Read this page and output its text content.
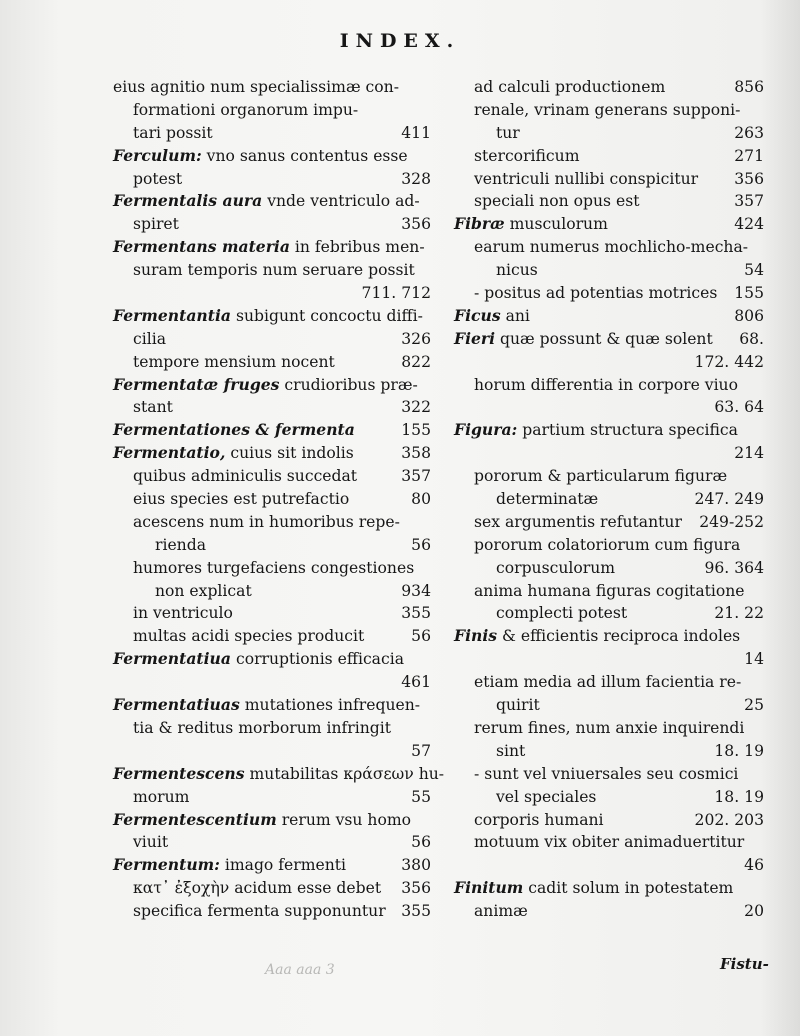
INDEX.
eius agnitio num specialissimæ con-
formationi organorum impu-
tari possit	411
Ferculum: vno sanus contentus esse
potest	328
Fermentalis aura vnde ventriculo ad-
spiret	356
Fermentans materia in febribus men-
suram temporis num seruare possit
711. 712
Fermentantia subigunt concoctu diffi-
cilia	326
tempore mensium nocent	822
Fermentatæ fruges crudioribus præ-
stant	322
Fermentationes & fermenta	155
Fermentatio, cuius sit indolis	358
quibus adminiculis succedat	357
eius species est putrefactio	80
acescens num in humoribus repe-
rienda	56
humores turgefaciens congestiones
non explicat	934
in ventriculo	355
multas acidi species producit	56
Fermentatiua corruptionis efficacia
461
Fermentatiuas mutationes infrequen-
tia & reditus morborum infringit
57
Fermentescens mutabilitas κράσεων hu-
morum	55
Fermentescentium rerum vsu homo
viuit	56
Fermentum: imago fermenti	380
κατ᾽ ἐξοχὴν acidum esse debet	356
specifica fermenta supponuntur 355
ad calculi productionem	856
renale, vrinam generans supponi-
tur	263
stercorificum	271
ventriculi nullibi conspicitur	356
speciali non opus est	357
Fibræ musculorum	424
earum numerus mochlicho-mecha-
nicus	54
- positus ad potentias motrices	155
Ficus ani	806
Fieri quæ possunt & quæ solent	68.
172. 442
horum differentia in corpore viuo
63. 64
Figura: partium structura specifica
214
pororum & particularum figuræ
determinatæ	247. 249
sex argumentis refutantur	249-252
pororum colatoriorum cum figura
corpusculorum	96. 364
anima humana figuras cogitatione
complecti potest	21. 22
Finis & efficientis reciproca indoles
14
etiam media ad illum facientia re-
quirit	25
rerum fines, num anxie inquirendi
sint	18. 19
- sunt vel vniuersales seu cosmici
vel speciales	18. 19
corporis humani	202. 203
motuum vix obiter animaduertitur
46
Finitum cadit solum in potestatem
animæ	20
Aaa aaa 3	Fistu-
